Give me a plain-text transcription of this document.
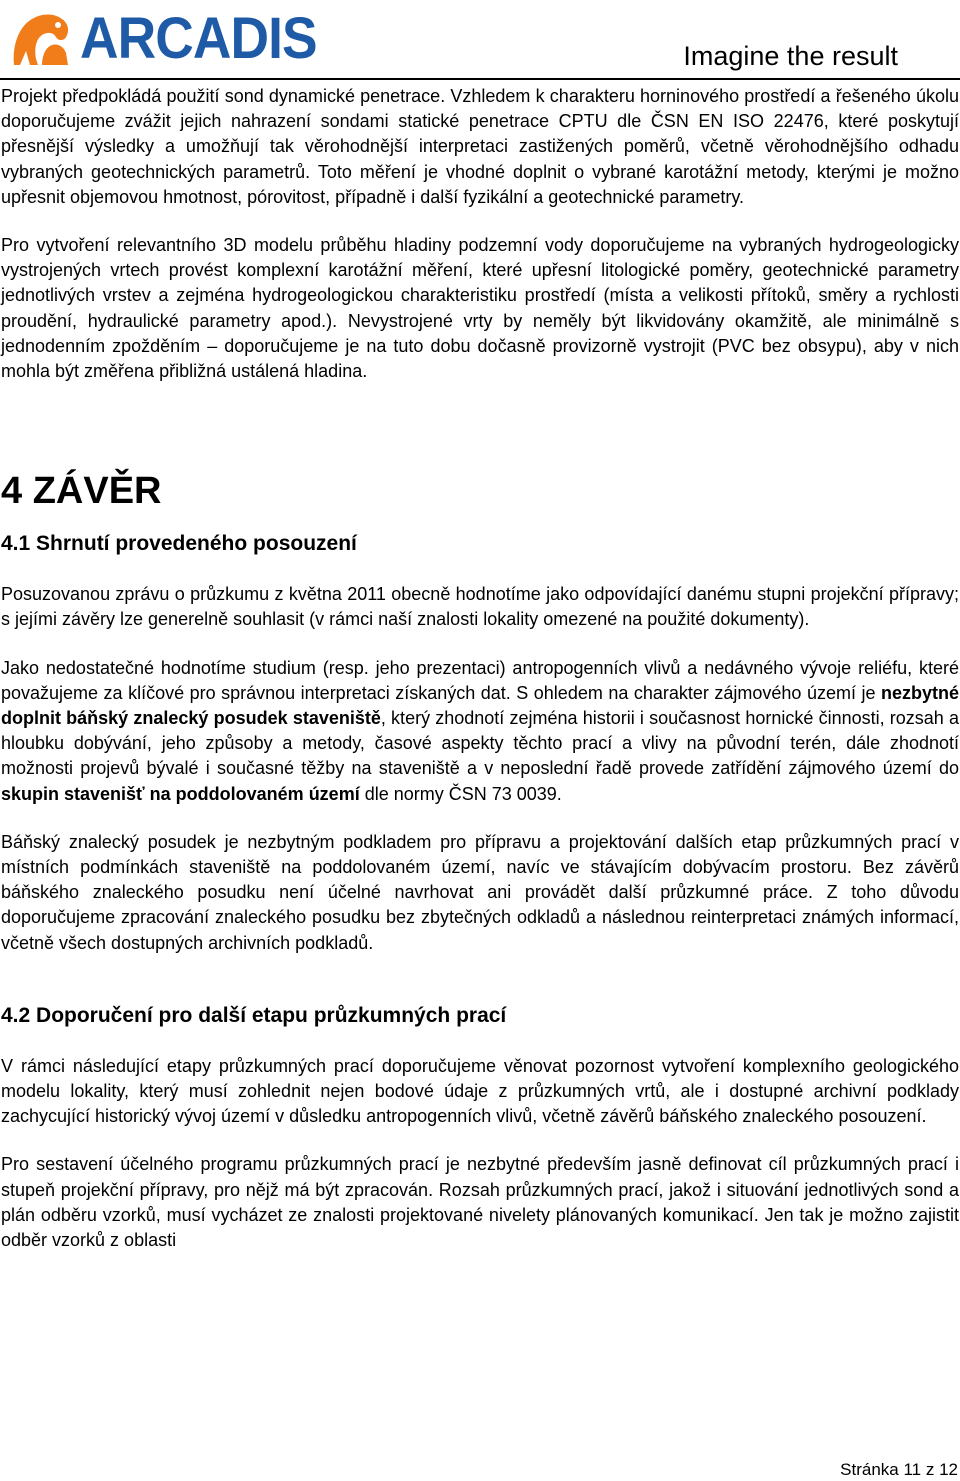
ARCADIS	Imagine the result

Projekt předpokládá použití sond dynamické penetrace. Vzhledem k charakteru horninového prostředí a řešeného úkolu doporučujeme zvážit jejich nahrazení sondami statické penetrace CPTU dle ČSN EN ISO 22476, které poskytují přesnější výsledky a umožňují tak věrohodnější interpretaci zastižených poměrů, včetně věrohodnějšího odhadu vybraných geotechnických parametrů. Toto měření je vhodné doplnit o vybrané karotážní metody, kterými je možno upřesnit objemovou hmotnost, pórovitost, případně i další fyzikální a geotechnické parametry.

Pro vytvoření relevantního 3D modelu průběhu hladiny podzemní vody doporučujeme na vybraných hydrogeologicky vystrojených vrtech provést komplexní karotážní měření, které upřesní litologické poměry, geotechnické parametry jednotlivých vrstev a zejména hydrogeologickou charakteristiku prostředí (místa a velikosti přítoků, směry a rychlosti proudění, hydraulické parametry apod.). Nevystrojené vrty by neměly být likvidovány okamžitě, ale minimálně s jednodenním zpožděním – doporučujeme je na tuto dobu dočasně provizorně vystrojit (PVC bez obsypu), aby v nich mohla být změřena přibližná ustálená hladina.

4 ZÁVĚR
4.1 Shrnutí provedeného posouzení

Posuzovanou zprávu o průzkumu z května 2011 obecně hodnotíme jako odpovídající danému stupni projekční přípravy; s jejími závěry lze generelně souhlasit (v rámci naší znalosti lokality omezené na použité dokumenty).

Jako nedostatečné hodnotíme studium (resp. jeho prezentaci) antropogenních vlivů a nedávného vývoje reliéfu, které považujeme za klíčové pro správnou interpretaci získaných dat. S ohledem na charakter zájmového území je nezbytné doplnit báňský znalecký posudek staveniště, který zhodnotí zejména historii i současnost hornické činnosti, rozsah a hloubku dobývání, jeho způsoby a metody, časové aspekty těchto prací a vlivy na původní terén, dále zhodnotí možnosti projevů bývalé i současné těžby na staveniště a v neposlední řadě provede zatřídění zájmového území do skupin stavenišť na poddolovaném území dle normy ČSN 73 0039.

Báňský znalecký posudek je nezbytným podkladem pro přípravu a projektování dalších etap průzkumných prací v místních podmínkách staveniště na poddolovaném území, navíc ve stávajícím dobývacím prostoru. Bez závěrů báňského znaleckého posudku není účelné navrhovat ani provádět další průzkumné práce. Z toho důvodu doporučujeme zpracování znaleckého posudku bez zbytečných odkladů a následnou reinterpretaci známých informací, včetně všech dostupných archivních podkladů.

4.2 Doporučení pro další etapu průzkumných prací

V rámci následující etapy průzkumných prací doporučujeme věnovat pozornost vytvoření komplexního geologického modelu lokality, který musí zohlednit nejen bodové údaje z průzkumných vrtů, ale i dostupné archivní podklady zachycující historický vývoj území v důsledku antropogenních vlivů, včetně závěrů báňského znaleckého posouzení.

Pro sestavení účelného programu průzkumných prací je nezbytné především jasně definovat cíl průzkumných prací i stupeň projekční přípravy, pro nějž má být zpracován. Rozsah průzkumných prací, jakož i situování jednotlivých sond a plán odběru vzorků, musí vycházet ze znalosti projektované nivelety plánovaných komunikací. Jen tak je možno zajistit odběr vzorků z oblasti

Stránka 11 z 12
